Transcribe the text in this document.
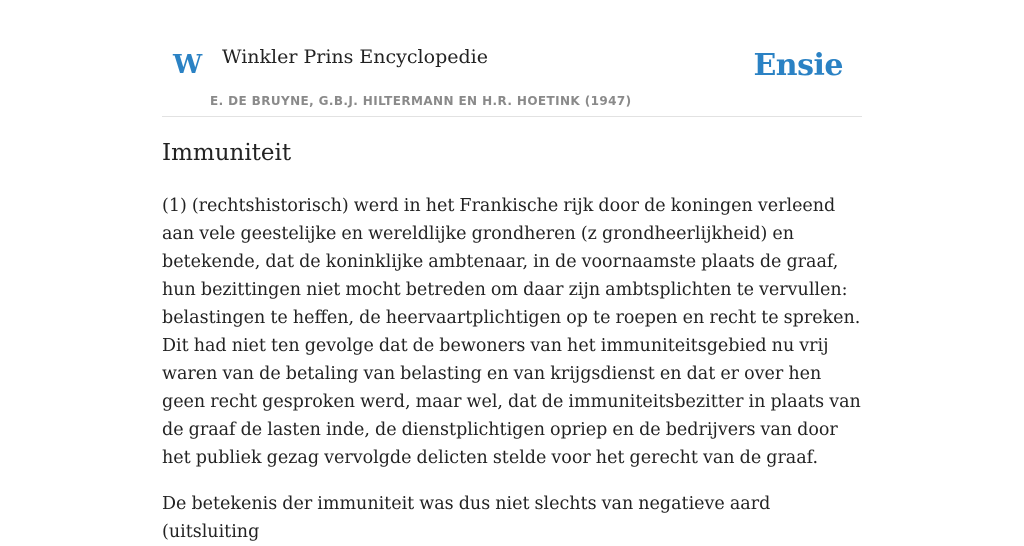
W Winkler Prins Encyclopedie
E. DE BRUYNE, G.B.J. HILTERMANN EN H.R. HOETINK (1947)
Ensie
Immuniteit

(1) (rechtshistorisch) werd in het Frankische rijk door de koningen verleend aan vele geestelijke en wereldlijke grondheren (z grondheerlijkheid) en betekende, dat de koninklijke ambtenaar, in de voornaamste plaats de graaf, hun bezittingen niet mocht betreden om daar zijn ambtsplichten te vervullen: belastingen te heffen, de heervaartplichtigen op te roepen en recht te spreken. Dit had niet ten gevolge dat de bewoners van het immuniteitsgebied nu vrij waren van de betaling van belasting en van krijgsdienst en dat er over hen geen recht gesproken werd, maar wel, dat de immuniteitsbezitter in plaats van de graaf de lasten inde, de dienstplichtigen opriep en de bedrijvers van door het publiek gezag vervolgde delicten stelde voor het gerecht van de graaf.

De betekenis der immuniteit was dus niet slechts van negatieve aard (uitsluiting
